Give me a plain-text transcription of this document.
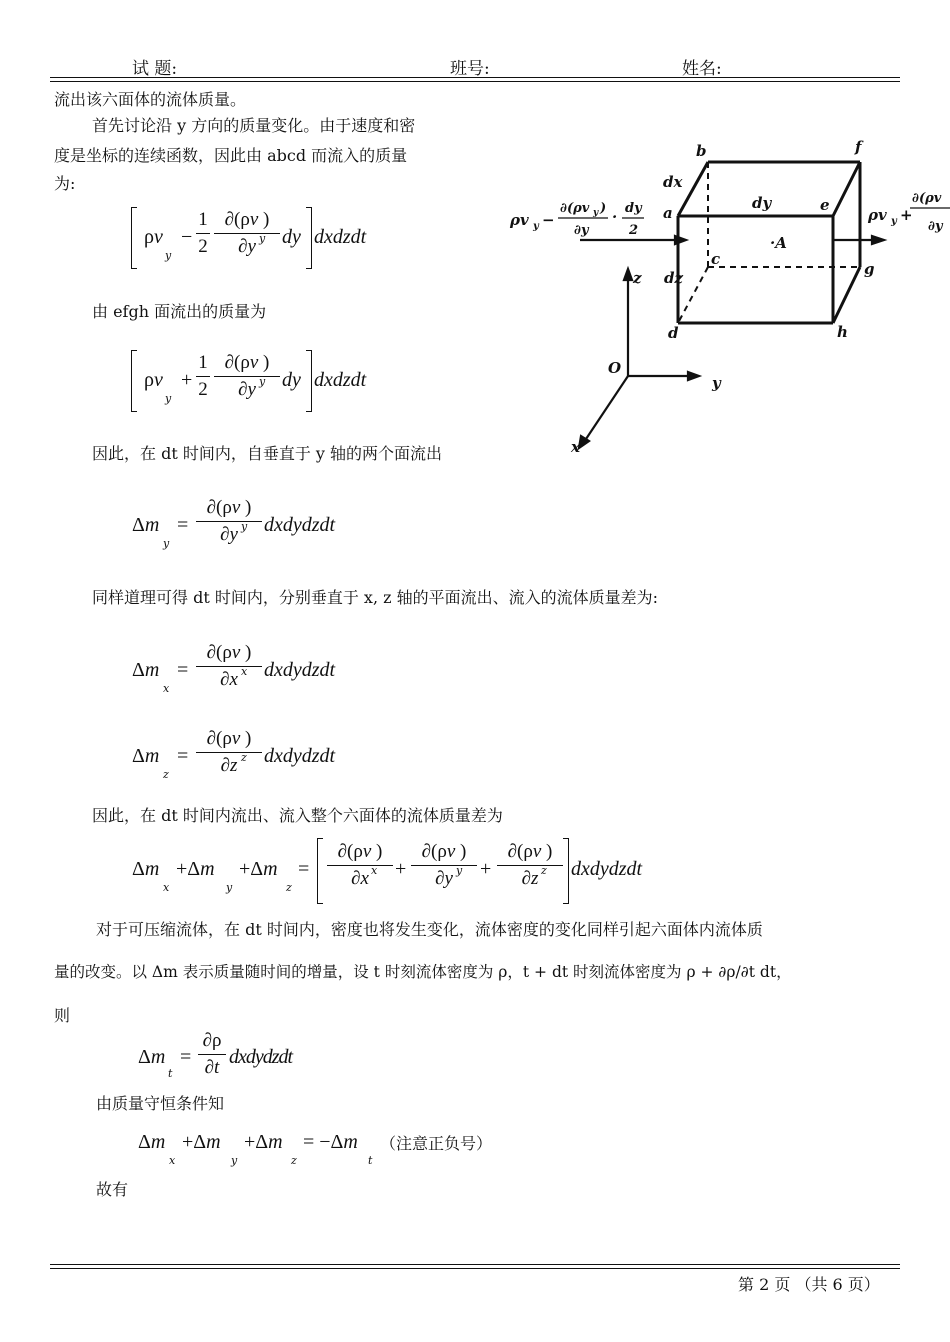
试 题:	班号:	姓名:
流出该六面体的流体质量。
首先讨论沿 y 方向的质量变化。由于速度和密
度是坐标的连续函数，因此由 abcd 而流入的质量
为:
ρv
y
−
1
2
∂(ρv )
∂y y dy dxdzdt
由 efgh 面流出的质量为
ρv
y
+
1
2
∂(ρv )
∂y y dy dxdzdt
因此，在 dt 时间内，自垂直于 y 轴的两个面流出
Δm
y
=
∂(ρv )
∂y y dxdydzdt
同样道理可得 dt 时间内，分别垂直于 x, z 轴的平面流出、流入的流体质量差为:
Δm
x
=
∂(ρv )
∂x x dxdydzdt
Δm
z
=
∂(ρv )
∂z z dxdydzdt
因此，在 dt 时间内流出、流入整个六面体的流体质量差为
Δm
x
+Δm
y
+Δm
z
=
∂(ρv )
∂x x +
∂(ρv )
∂y y +
∂(ρv )
∂z z dxdydzdt
对于可压缩流体，在 dt 时间内，密度也将发生变化，流体密度的变化同样引起六面体内流体质
量的改变。以 Δm 表示质量随时间的增量，设 t 时刻流体密度为 ρ，t + dt 时刻流体密度为 ρ + ∂ρ/∂t dt，
则
Δm
t
=
∂ρ
∂t dxdydzdt
由质量守恒条件知
Δm
x
+Δm
y
+Δm
z
= −Δm
t
（注意正负号）
故有
b	f
dx
dy
a	e
c
g
dz
d	h
·A
O
y
z
x
ρv y −
∂(ρv y )
∂y
· dy
2
ρv y +
∂(ρv
∂y
第 2 页 （共 6 页）
